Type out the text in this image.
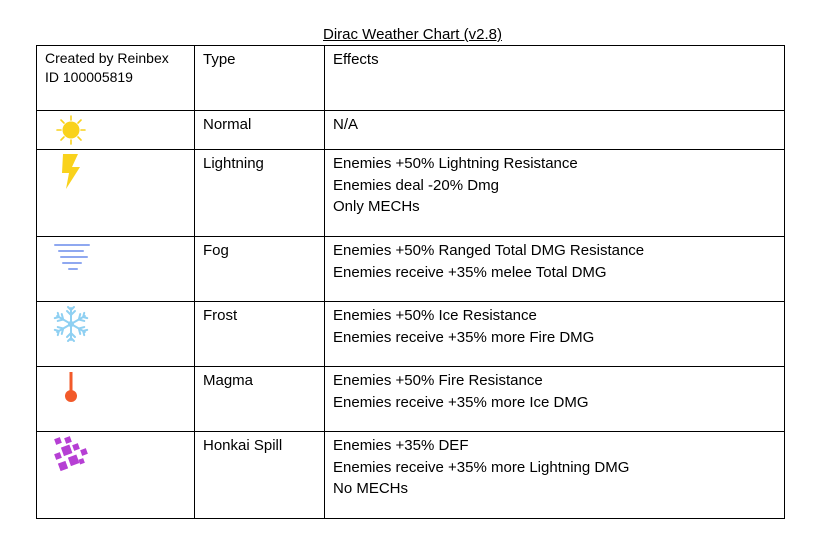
Dirac Weather Chart (v2.8)
Created by Reinbex
ID 100005819	Type	Effects

	Normal	N/A

	Lightning	Enemies +50% Lightning Resistance
Enemies deal -20% Dmg
Only MECHs

	Fog	Enemies +50% Ranged Total DMG Resistance
Enemies receive +35% melee Total DMG

	Frost	Enemies +50% Ice Resistance
Enemies receive +35% more Fire DMG

	Magma	Enemies +50% Fire Resistance
Enemies receive +35% more Ice DMG

	Honkai Spill	Enemies +35% DEF
Enemies receive +35% more Lightning DMG
No MECHs
